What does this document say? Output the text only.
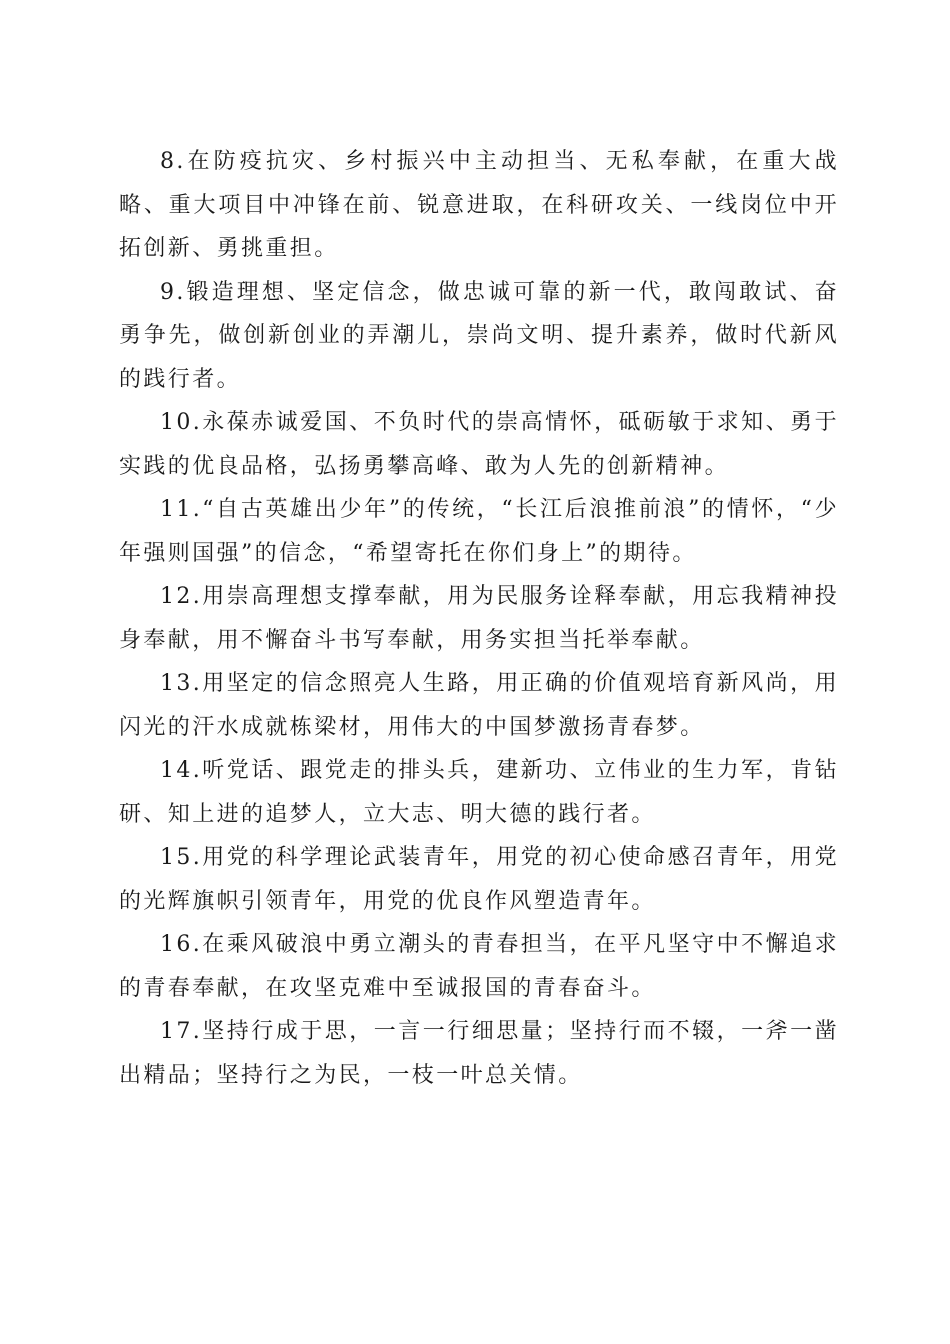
8.在防疫抗灾、乡村振兴中主动担当、无私奉献，在重大战略、重大项目中冲锋在前、锐意进取，在科研攻关、一线岗位中开拓创新、勇挑重担。

9.锻造理想、坚定信念，做忠诚可靠的新一代，敢闯敢试、奋勇争先，做创新创业的弄潮儿，崇尚文明、提升素养，做时代新风的践行者。

10.永葆赤诚爱国、不负时代的崇高情怀，砥砺敏于求知、勇于实践的优良品格，弘扬勇攀高峰、敢为人先的创新精神。

11.“自古英雄出少年”的传统，“长江后浪推前浪”的情怀，“少年强则国强”的信念，“希望寄托在你们身上”的期待。

12.用崇高理想支撑奉献，用为民服务诠释奉献，用忘我精神投身奉献，用不懈奋斗书写奉献，用务实担当托举奉献。

13.用坚定的信念照亮人生路，用正确的价值观培育新风尚，用闪光的汗水成就栋梁材，用伟大的中国梦激扬青春梦。

14.听党话、跟党走的排头兵，建新功、立伟业的生力军，肯钻研、知上进的追梦人，立大志、明大德的践行者。

15.用党的科学理论武装青年，用党的初心使命感召青年，用党的光辉旗帜引领青年，用党的优良作风塑造青年。

16.在乘风破浪中勇立潮头的青春担当，在平凡坚守中不懈追求的青春奉献，在攻坚克难中至诚报国的青春奋斗。

17.坚持行成于思，一言一行细思量；坚持行而不辍，一斧一凿出精品；坚持行之为民，一枝一叶总关情。
